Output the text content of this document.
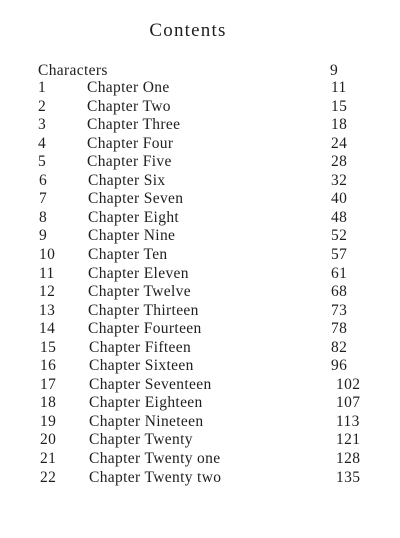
Contents
Characters	9
1	Chapter One	11
2	Chapter Two	15
3	Chapter Three	18
4	Chapter Four	24
5	Chapter Five	28
6	Chapter Six	32
7	Chapter Seven	40
8	Chapter Eight	48
9	Chapter Nine	52
10 Chapter Ten	57
11 Chapter Eleven	61
12 Chapter Twelve	68
13 Chapter Thirteen	73
14 Chapter Fourteen	78
15 Chapter Fifteen	82
16 Chapter Sixteen	96
17 Chapter Seventeen	102
18 Chapter Eighteen	107
19 Chapter Nineteen	113
20 Chapter Twenty	121
21 Chapter Twenty one	128
22 Chapter Twenty two	135
